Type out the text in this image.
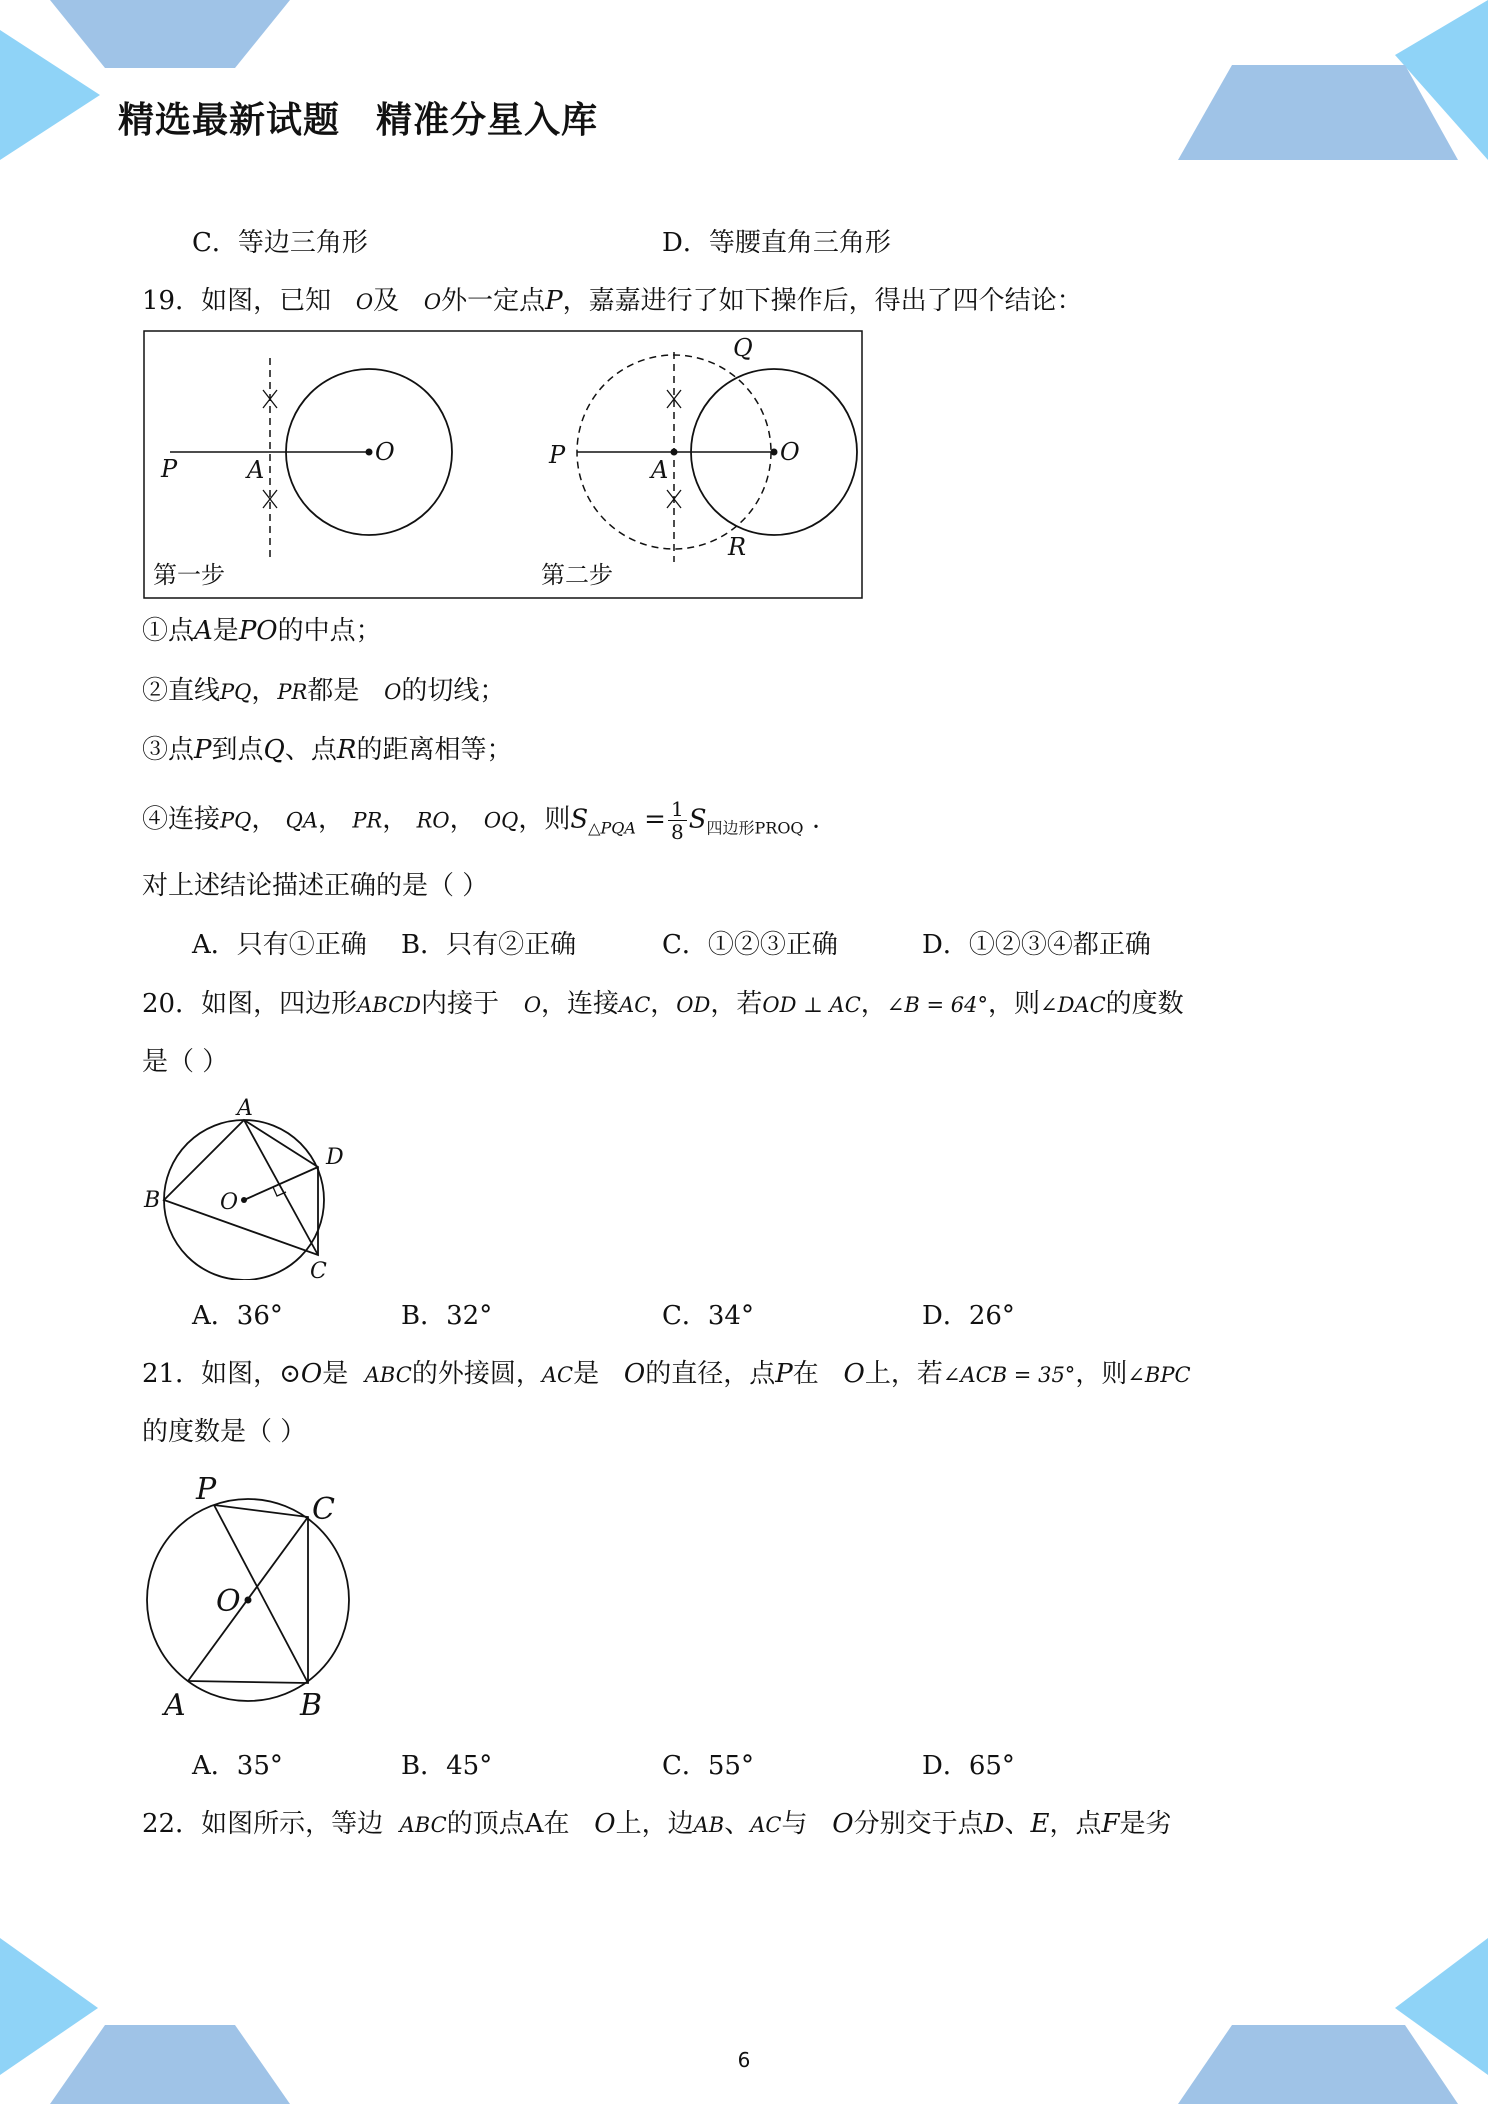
精选最新试题 精准分星入库
C．等边三角形	D．等腰直角三角形
19．如图，已知 O及 O外一定点P，嘉嘉进行了如下操作后，得出了四个结论：
P	A
O
第一步
P
A
O
Q
R
第二步
①点A是PO的中点；
②直线PQ，PR都是 O的切线；
③点P到点Q、点R的距离相等；
④连接PQ， QA， PR， RO， OQ，则$S_{\triangle PQA} = \frac{1}{8} S_{四边形PROQ}$ .
对上述结论描述正确的是（ ）
A．只有①正确 B．只有②正确	C．①②③正确	D．①②③④都正确
20．如图，四边形ABCD内接于 O，连接AC，OD，若OD ⊥ AC，∠B = 64°，则∠DAC的度数
是（ ）
A
B
C
D
O
A．36°	B．32°	C．34°	D．26°
21．如图，⊙O是 ABC的外接圆，AC是 O的直径，点P在 O上，若∠ACB = 35°，则∠BPC
的度数是（ ）
P
C
O
A	B
A．35°	B．45°	C．55°	D．65°
22．如图所示，等边 ABC的顶点A在 O上，边AB、AC与 O分别交于点D、E，点F是劣
6
